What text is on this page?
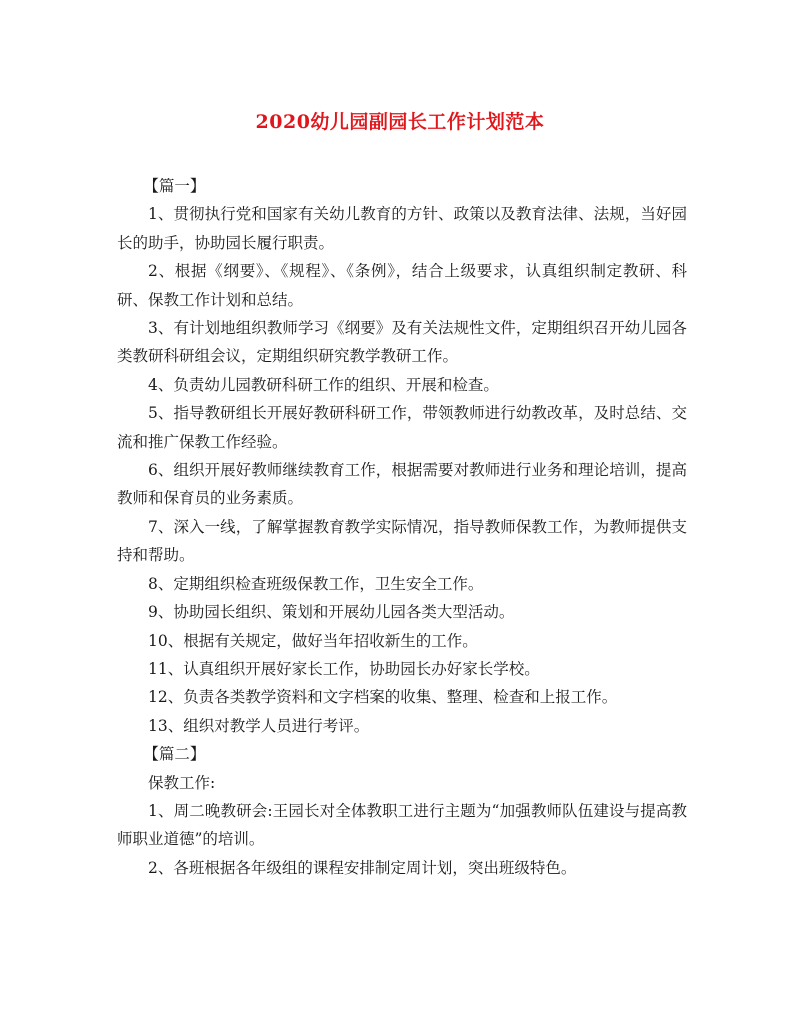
2020幼儿园副园长工作计划范本

【篇一】

1、贯彻执行党和国家有关幼儿教育的方针、政策以及教育法律、法规，当好园长的助手，协助园长履行职责。

2、根据《纲要》、《规程》、《条例》，结合上级要求，认真组织制定教研、科研、保教工作计划和总结。

3、有计划地组织教师学习《纲要》及有关法规性文件，定期组织召开幼儿园各类教研科研组会议，定期组织研究教学教研工作。

4、负责幼儿园教研科研工作的组织、开展和检查。

5、指导教研组长开展好教研科研工作，带领教师进行幼教改革，及时总结、交流和推广保教工作经验。

6、组织开展好教师继续教育工作，根据需要对教师进行业务和理论培训，提高教师和保育员的业务素质。

7、深入一线，了解掌握教育教学实际情况，指导教师保教工作，为教师提供支持和帮助。

8、定期组织检查班级保教工作，卫生安全工作。

9、协助园长组织、策划和开展幼儿园各类大型活动。

10、根据有关规定，做好当年招收新生的工作。

11、认真组织开展好家长工作，协助园长办好家长学校。

12、负责各类教学资料和文字档案的收集、整理、检查和上报工作。

13、组织对教学人员进行考评。

【篇二】

保教工作:

1、周二晚教研会:王园长对全体教职工进行主题为“加强教师队伍建设与提高教师职业道德”的培训。

2、各班根据各年级组的课程安排制定周计划，突出班级特色。
